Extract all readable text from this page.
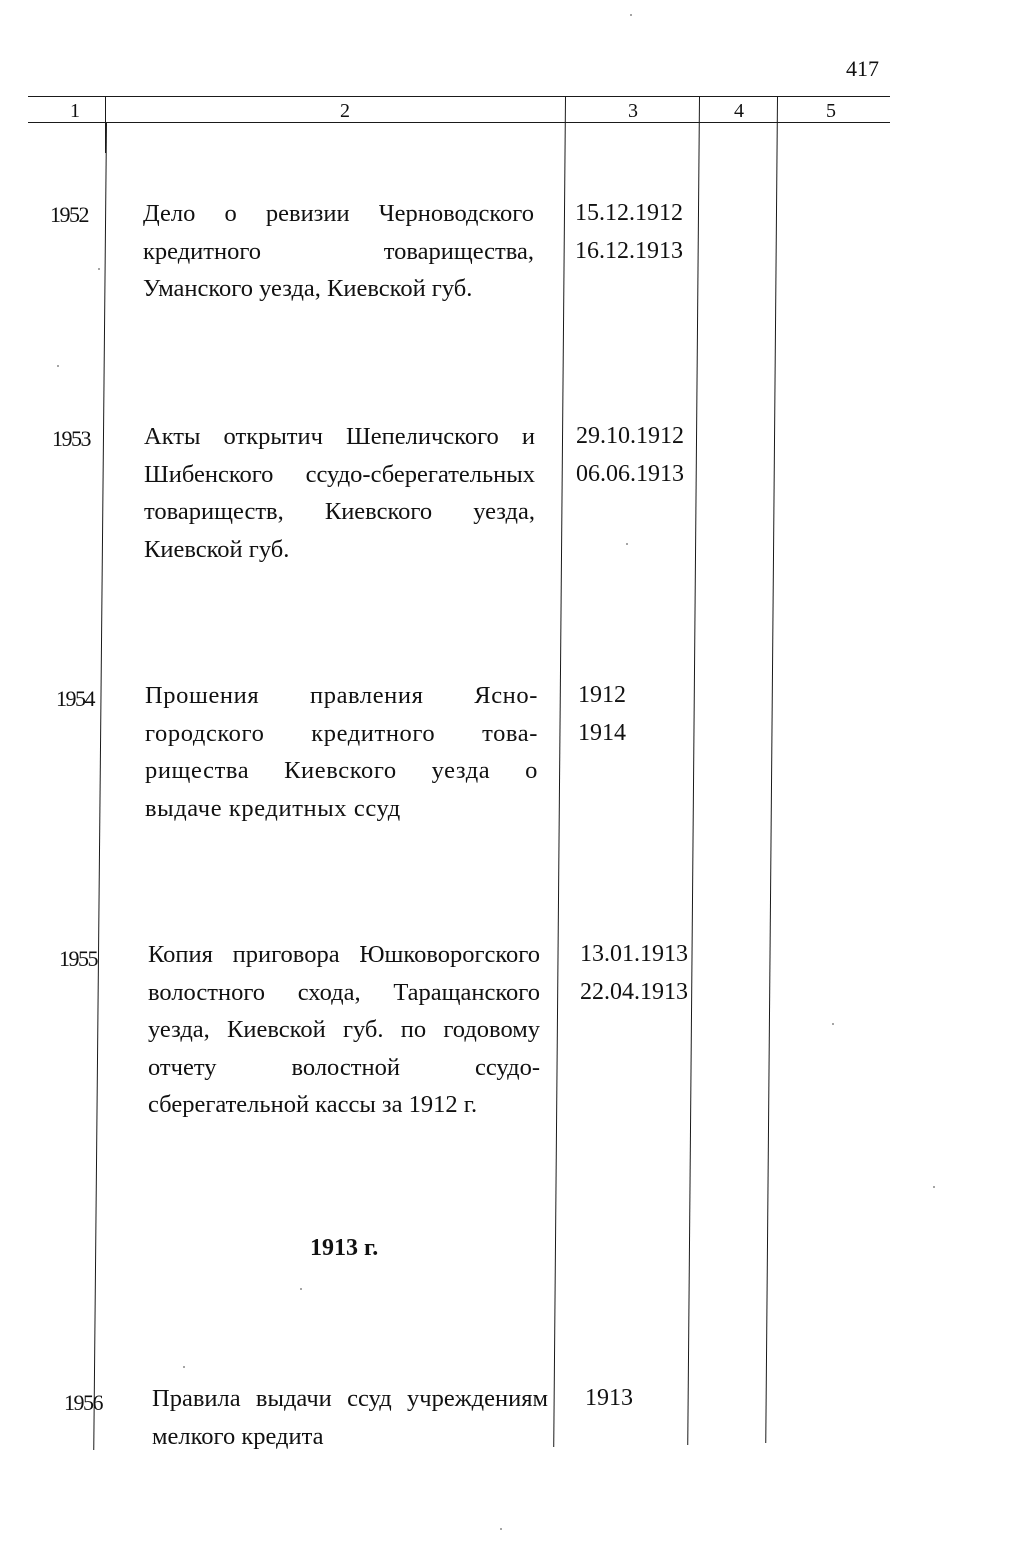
417
1	2	3	4	5
1952 Дело о ревизии Черноводского
кредитного товарищества,
Уманского уезда, Киевской губ.
15.12.1912
16.12.1913
1953 Акты открытич Шепеличского и
Шибенского ссудо-сберегательных
товариществ, Киевского уезда,
Киевской губ.
29.10.1912
06.06.1913
1954 Прошения правления Ясно-
городского кредитного това-
рищества Киевского уезда о
выдаче кредитных ссуд
1912
1914
1955 Копия приговора Юшковорогского
волостного схода, Таращанского
уезда, Киевской губ. по годовому
отчету волостной ссудо-
сберегательной кассы за 1912 г.
13.01.1913
22.04.1913
1913 г.
1956 Правила выдачи ссуд учреждениям
мелкого кредита
1913
